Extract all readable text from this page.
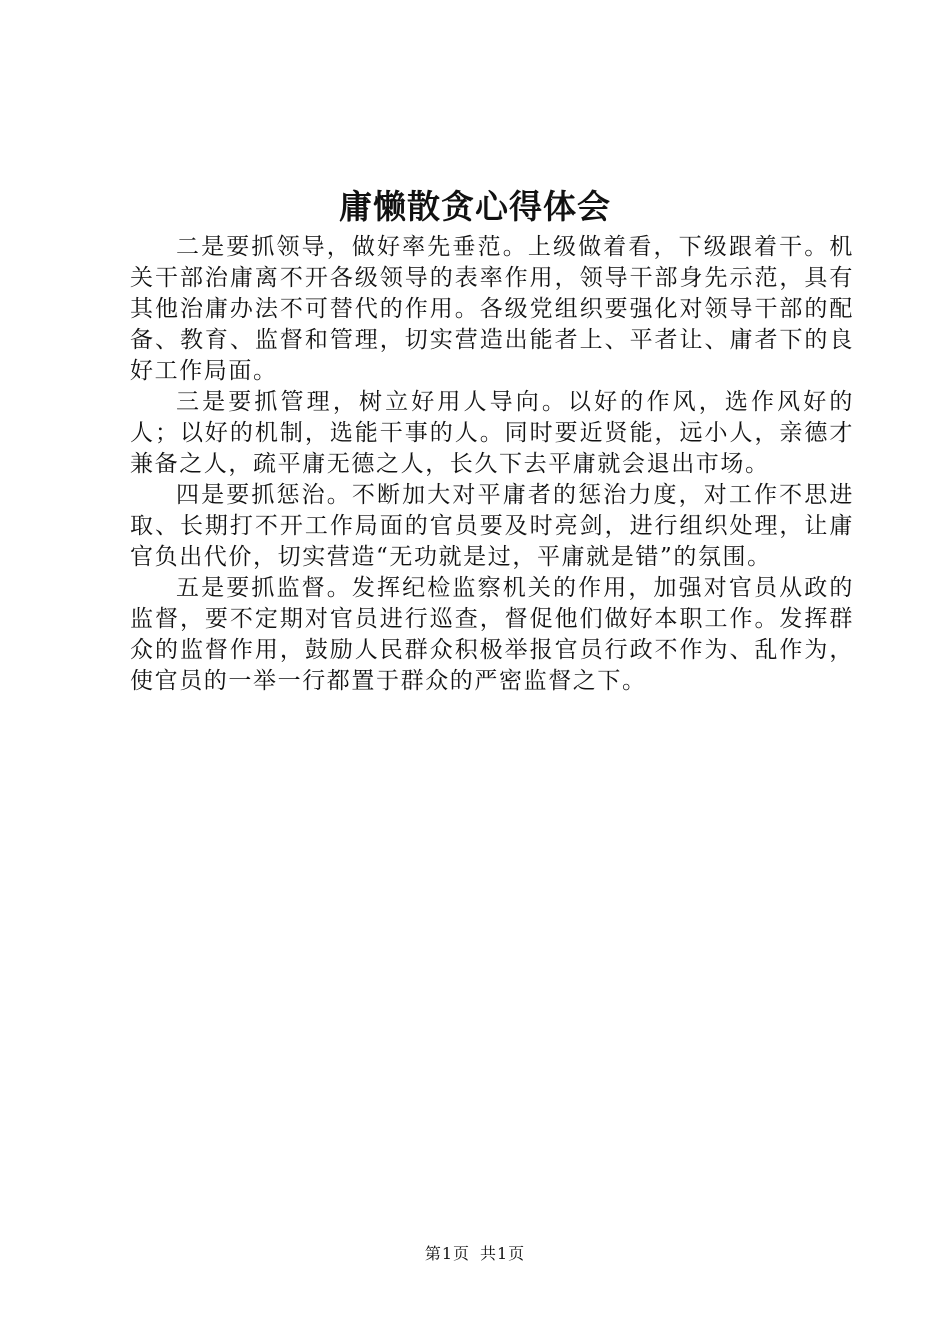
庸懒散贪心得体会

二是要抓领导，做好率先垂范。上级做着看，下级跟着干。机关干部治庸离不开各级领导的表率作用，领导干部身先示范，具有其他治庸办法不可替代的作用。各级党组织要强化对领导干部的配备、教育、监督和管理，切实营造出能者上、平者让、庸者下的良好工作局面。

三是要抓管理，树立好用人导向。以好的作风，选作风好的人；以好的机制，选能干事的人。同时要近贤能，远小人，亲德才兼备之人，疏平庸无德之人，长久下去平庸就会退出市场。

四是要抓惩治。不断加大对平庸者的惩治力度，对工作不思进取、长期打不开工作局面的官员要及时亮剑，进行组织处理，让庸官负出代价，切实营造“无功就是过，平庸就是错”的氛围。

五是要抓监督。发挥纪检监察机关的作用，加强对官员从政的监督，要不定期对官员进行巡查，督促他们做好本职工作。发挥群众的监督作用，鼓励人民群众积极举报官员行政不作为、乱作为，使官员的一举一行都置于群众的严密监督之下。

第1页 共1页
